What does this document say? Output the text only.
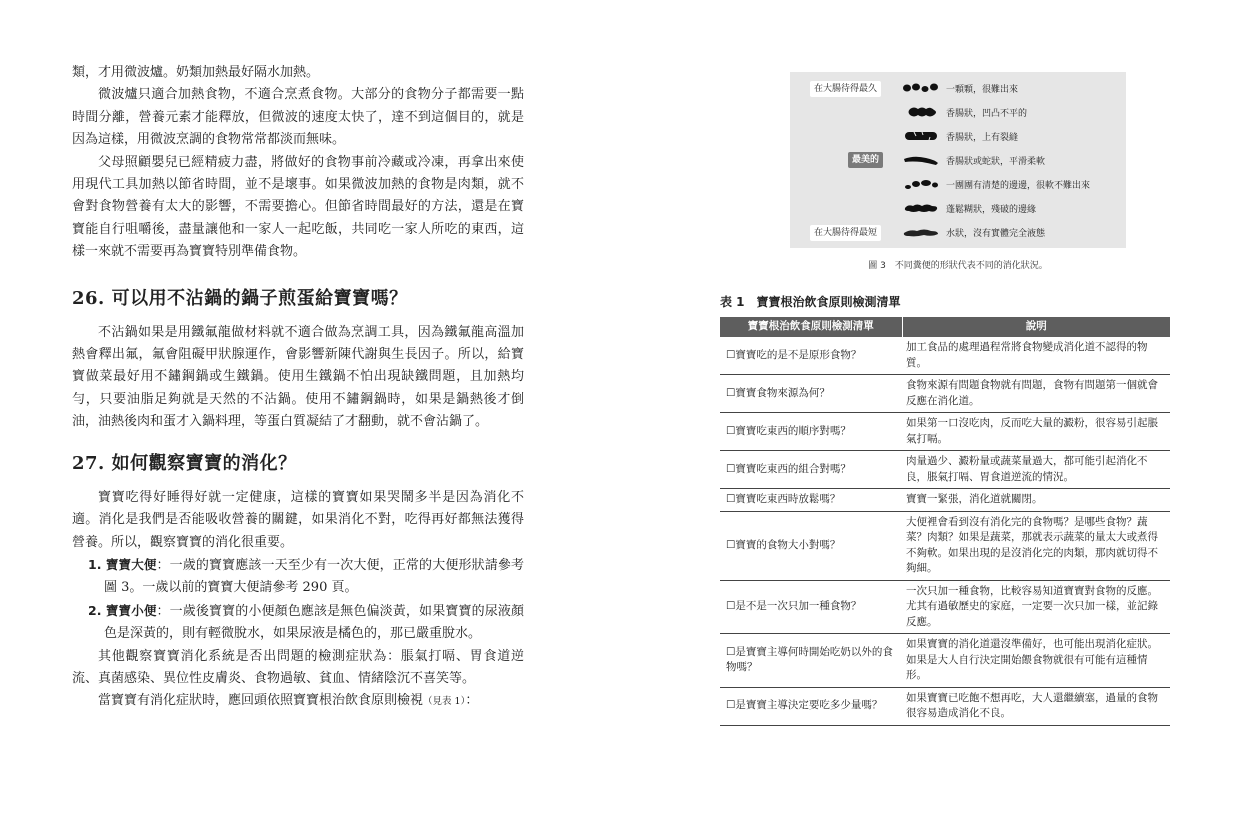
類，才用微波爐。奶類加熱最好隔水加熱。

微波爐只適合加熱食物，不適合烹煮食物。大部分的食物分子都需要一點時間分離，營養元素才能釋放，但微波的速度太快了，達不到這個目的，就是因為這樣，用微波烹調的食物常常都淡而無味。

父母照顧嬰兒已經精疲力盡，將做好的食物事前冷藏或冷凍，再拿出來使用現代工具加熱以節省時間，並不是壞事。如果微波加熱的食物是肉類，就不會對食物營養有太大的影響，不需要擔心。但節省時間最好的方法，還是在寶寶能自行咀嚼後，盡量讓他和一家人一起吃飯，共同吃一家人所吃的東西，這樣一來就不需要再為寶寶特別準備食物。

26. 可以用不沾鍋的鍋子煎蛋給寶寶嗎？

不沾鍋如果是用鐵氟龍做材料就不適合做為烹調工具，因為鐵氟龍高溫加熱會釋出氟，氟會阻礙甲狀腺運作，會影響新陳代謝與生長因子。所以，給寶寶做菜最好用不鏽鋼鍋或生鐵鍋。使用生鐵鍋不怕出現缺鐵問題，且加熱均勻，只要油脂足夠就是天然的不沾鍋。使用不鏽鋼鍋時，如果是鍋熱後才倒油，油熱後肉和蛋才入鍋料理，等蛋白質凝結了才翻動，就不會沾鍋了。

27. 如何觀察寶寶的消化？

寶寶吃得好睡得好就一定健康，這樣的寶寶如果哭鬧多半是因為消化不適。消化是我們是否能吸收營養的關鍵，如果消化不對，吃得再好都無法獲得營養。所以，觀察寶寶的消化很重要。

1. 寶寶大便：一歲的寶寶應該一天至少有一次大便，正常的大便形狀請參考圖 3。一歲以前的寶寶大便請參考 290 頁。

2. 寶寶小便：一歲後寶寶的小便顏色應該是無色偏淡黃，如果寶寶的尿液顏色是深黃的，則有輕微脫水，如果尿液是橘色的，那已嚴重脫水。

其他觀察寶寶消化系統是否出問題的檢測症狀為：脹氣打嗝、胃食道逆流、真菌感染、異位性皮膚炎、食物過敏、貧血、情緒陰沉不喜笑等。

當寶寶有消化症狀時，應回頭依照寶寶根治飲食原則檢視（見表 1）：

在大腸待得最久
最美的
在大腸待得最短
一顆顆，很難出來
香腸狀，凹凸不平的
香腸狀，上有裂縫
香腸狀或蛇狀，平滑柔軟
一團團有清楚的邊邊，很軟不難出來
蓬鬆糊狀，殘破的邊緣
水狀，沒有實體完全液態
圖 3　不同糞便的形狀代表不同的消化狀況。
表 1　寶寶根治飲食原則檢測清單
寶寶根治飲食原則檢測清單	說明
☐寶寶吃的是不是原形食物？	加工食品的處理過程常將食物變成消化道不認得的物質。
☐寶寶食物來源為何？	食物來源有問題食物就有問題，食物有問題第一個就會反應在消化道。
☐寶寶吃東西的順序對嗎？	如果第一口沒吃肉，反而吃大量的澱粉，很容易引起脹氣打嗝。
☐寶寶吃東西的組合對嗎？	肉量過少、澱粉量或蔬菜量過大，都可能引起消化不良，脹氣打嗝、胃食道逆流的情況。
☐寶寶吃東西時放鬆嗎？	寶寶一緊張，消化道就關閉。
☐寶寶的食物大小對嗎？	大便裡會看到沒有消化完的食物嗎？是哪些食物？蔬菜？肉類？如果是蔬菜，那就表示蔬菜的量太大或煮得不夠軟。如果出現的是沒消化完的肉類，那肉就切得不夠細。
☐是不是一次只加一種食物？	一次只加一種食物，比較容易知道寶寶對食物的反應。尤其有過敏歷史的家庭，一定要一次只加一樣，並記錄反應。
☐是寶寶主導何時開始吃奶以外的食物嗎？	如果寶寶的消化道還沒準備好，也可能出現消化症狀。如果是大人自行決定開始餵食物就很有可能有這種情形。
☐是寶寶主導決定要吃多少量嗎？	如果寶寶已吃飽不想再吃，大人還繼續塞，過量的食物很容易造成消化不良。
